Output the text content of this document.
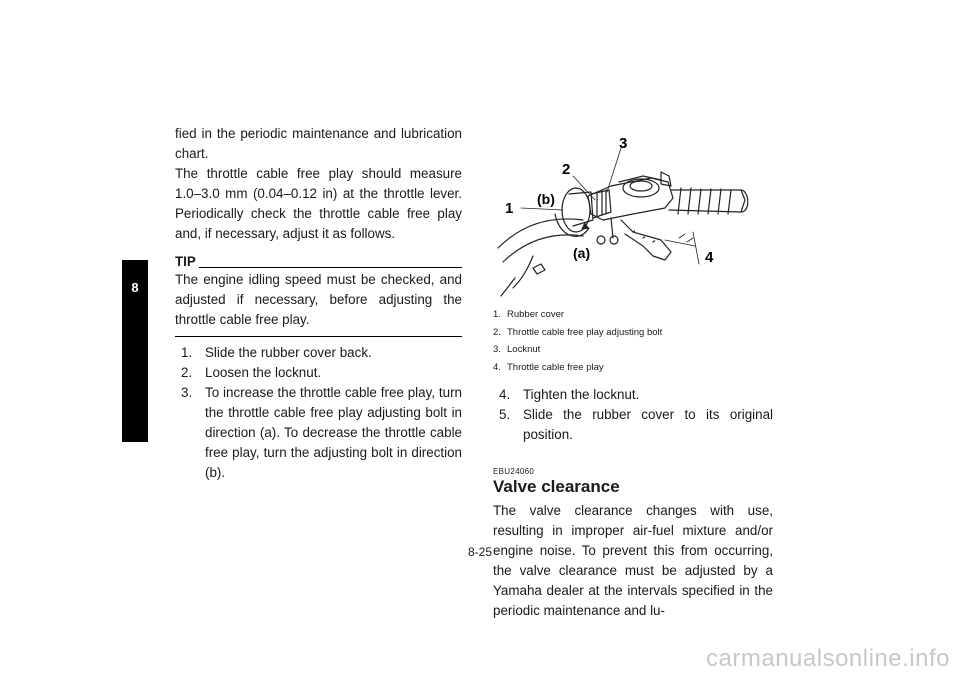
8

fied in the periodic maintenance and lubrication chart.

The throttle cable free play should measure 1.0–3.0 mm (0.04–0.12 in) at the throttle lever. Periodically check the throttle cable free play and, if necessary, adjust it as follows.

TIP

The engine idling speed must be checked, and adjusted if necessary, before adjusting the throttle cable free play.

1. Slide the rubber cover back.
2. Loosen the locknut.
3. To increase the throttle cable free play, turn the throttle cable free play adjusting bolt in direction (a). To decrease the throttle cable free play, turn the adjusting bolt in direction (b).
1
2
3
4
(a)
(b)
1. Rubber cover
2. Throttle cable free play adjusting bolt
3. Locknut
4. Throttle cable free play
4. Tighten the locknut.
5. Slide the rubber cover to its original position.
EBU24060
Valve clearance

The valve clearance changes with use, resulting in improper air-fuel mixture and/or engine noise. To prevent this from occurring, the valve clearance must be adjusted by a Yamaha dealer at the intervals specified in the periodic maintenance and lu-

8-25
carmanualsonline.info
